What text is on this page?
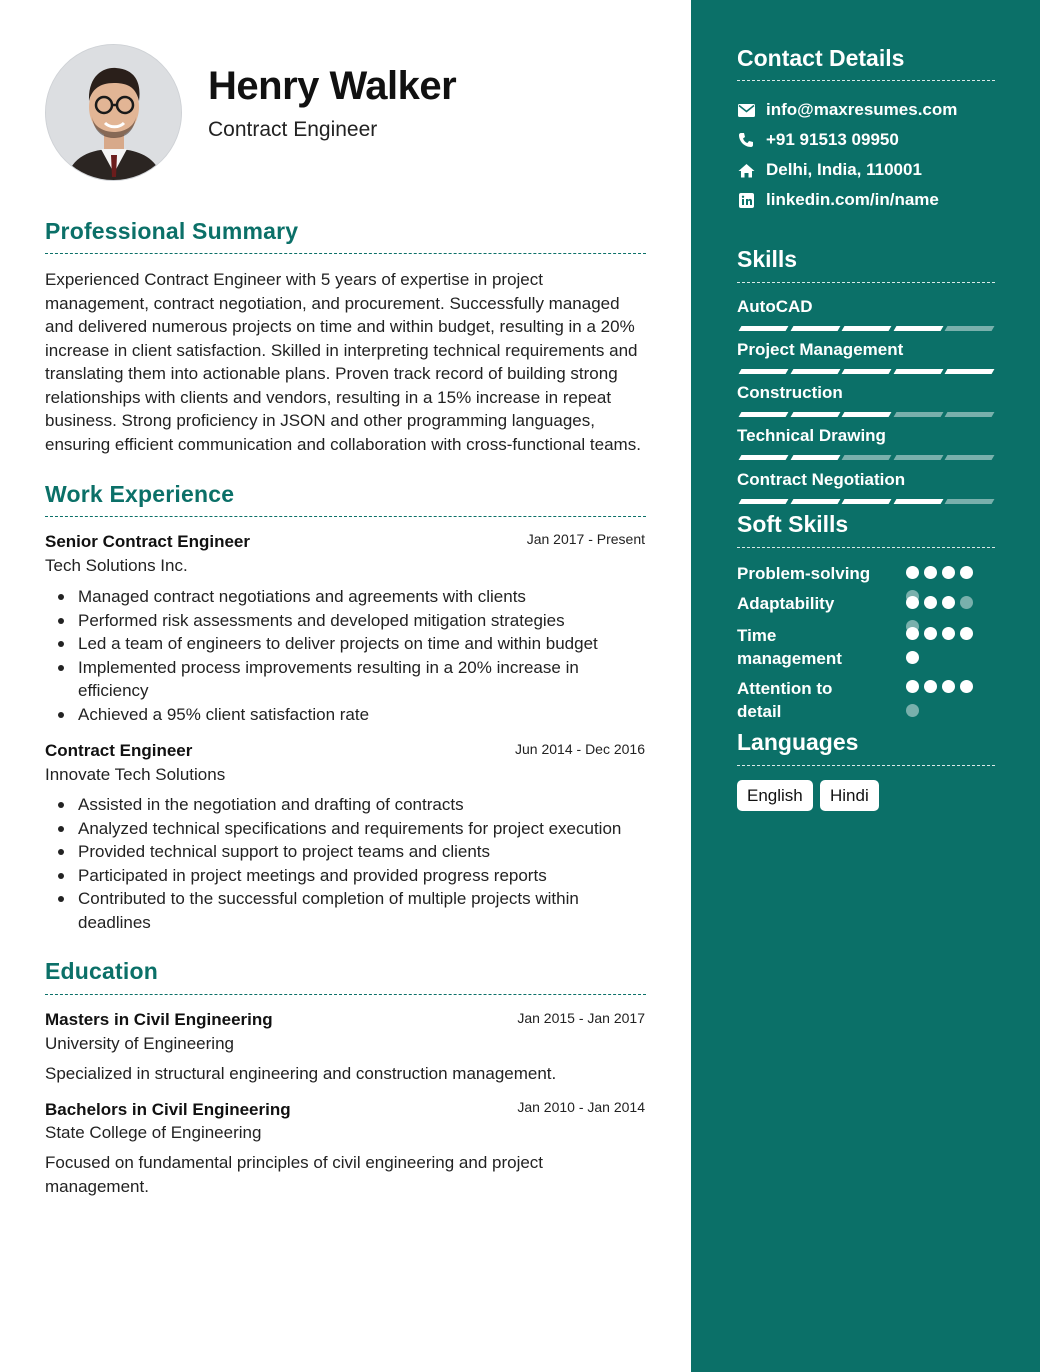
Henry Walker
Contract Engineer
Professional Summary
Experienced Contract Engineer with 5 years of expertise in project management, contract negotiation, and procurement. Successfully managed and delivered numerous projects on time and within budget, resulting in a 20% increase in client satisfaction. Skilled in interpreting technical requirements and translating them into actionable plans. Proven track record of building strong relationships with clients and vendors, resulting in a 15% increase in repeat business. Strong proficiency in JSON and other programming languages, ensuring efficient communication and collaboration with cross-functional teams.
Work Experience
Senior Contract Engineer	Jan 2017 - Present
Tech Solutions Inc.
Managed contract negotiations and agreements with clients
Performed risk assessments and developed mitigation strategies
Led a team of engineers to deliver projects on time and within budget
Implemented process improvements resulting in a 20% increase in efficiency
Achieved a 95% client satisfaction rate
Contract Engineer	Jun 2014 - Dec 2016
Innovate Tech Solutions
Assisted in the negotiation and drafting of contracts
Analyzed technical specifications and requirements for project execution
Provided technical support to project teams and clients
Participated in project meetings and provided progress reports
Contributed to the successful completion of multiple projects within deadlines
Education
Masters in Civil Engineering	Jan 2015 - Jan 2017
University of Engineering
Specialized in structural engineering and construction management.
Bachelors in Civil Engineering	Jan 2010 - Jan 2014
State College of Engineering
Focused on fundamental principles of civil engineering and project management.
Contact Details
info@maxresumes.com
+91 91513 09950
Delhi, India, 110001
linkedin.com/in/name
Skills
AutoCAD
Project Management
Construction
Technical Drawing
Contract Negotiation
Soft Skills
Problem-solving
Adaptability
Time management
Attention to detail
Languages
English	Hindi
